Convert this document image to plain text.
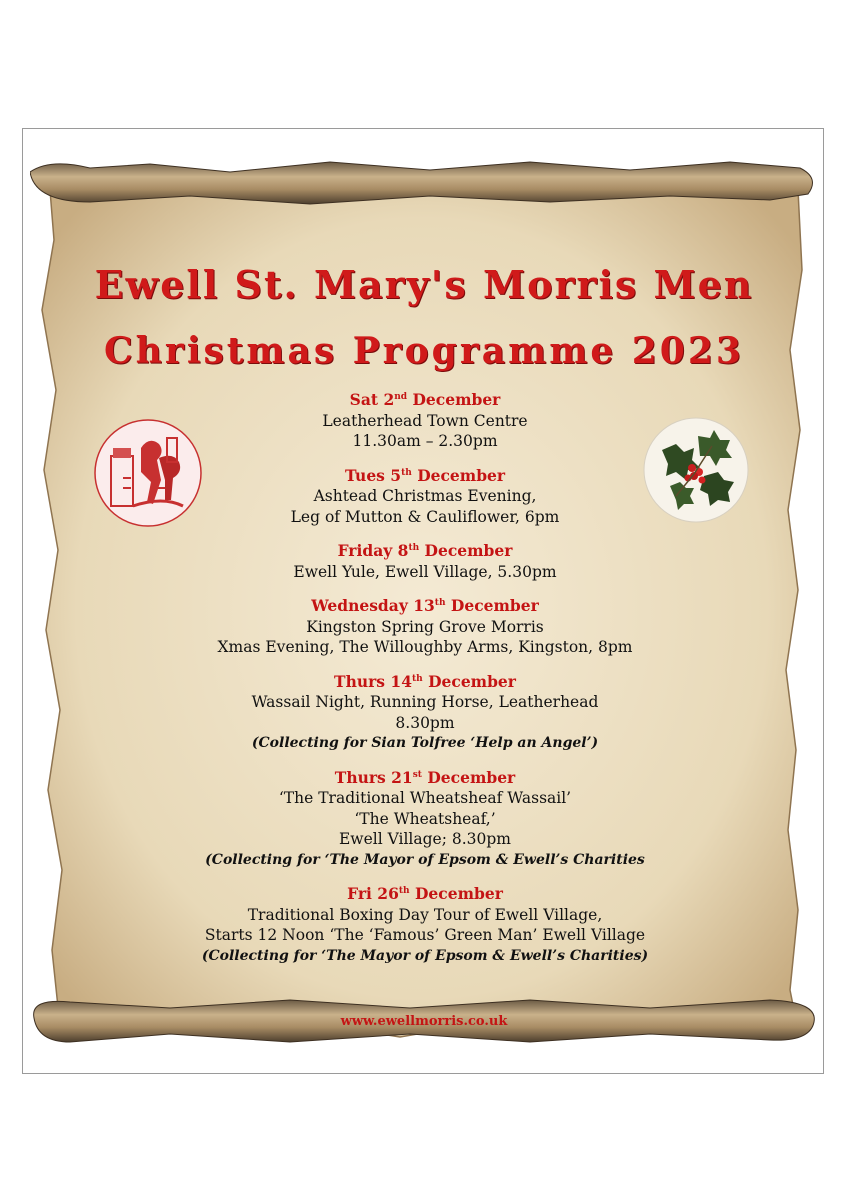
Ewell St. Mary's Morris Men
Christmas Programme 2023
Sat 2nd December
Leatherhead Town Centre
11.30am – 2.30pm
Tues 5th December
Ashtead Christmas Evening,
Leg of Mutton & Cauliflower, 6pm
Friday 8th December
Ewell Yule, Ewell Village, 5.30pm
Wednesday 13th December
Kingston Spring Grove Morris
Xmas Evening, The Willoughby Arms, Kingston, 8pm
Thurs 14th December
Wassail Night, Running Horse, Leatherhead
8.30pm
(Collecting for Sian Tolfree ‘Help an Angel’)
Thurs 21st December
‘The Traditional Wheatsheaf Wassail’
‘The Wheatsheaf,’
Ewell Village; 8.30pm
(Collecting for ‘The Mayor of Epsom & Ewell’s Charities
Fri 26th December
Traditional Boxing Day Tour of Ewell Village,
Starts 12 Noon ‘The ‘Famous’ Green Man’ Ewell Village
(Collecting for ‘The Mayor of Epsom & Ewell’s Charities)
www.ewellmorris.co.uk
